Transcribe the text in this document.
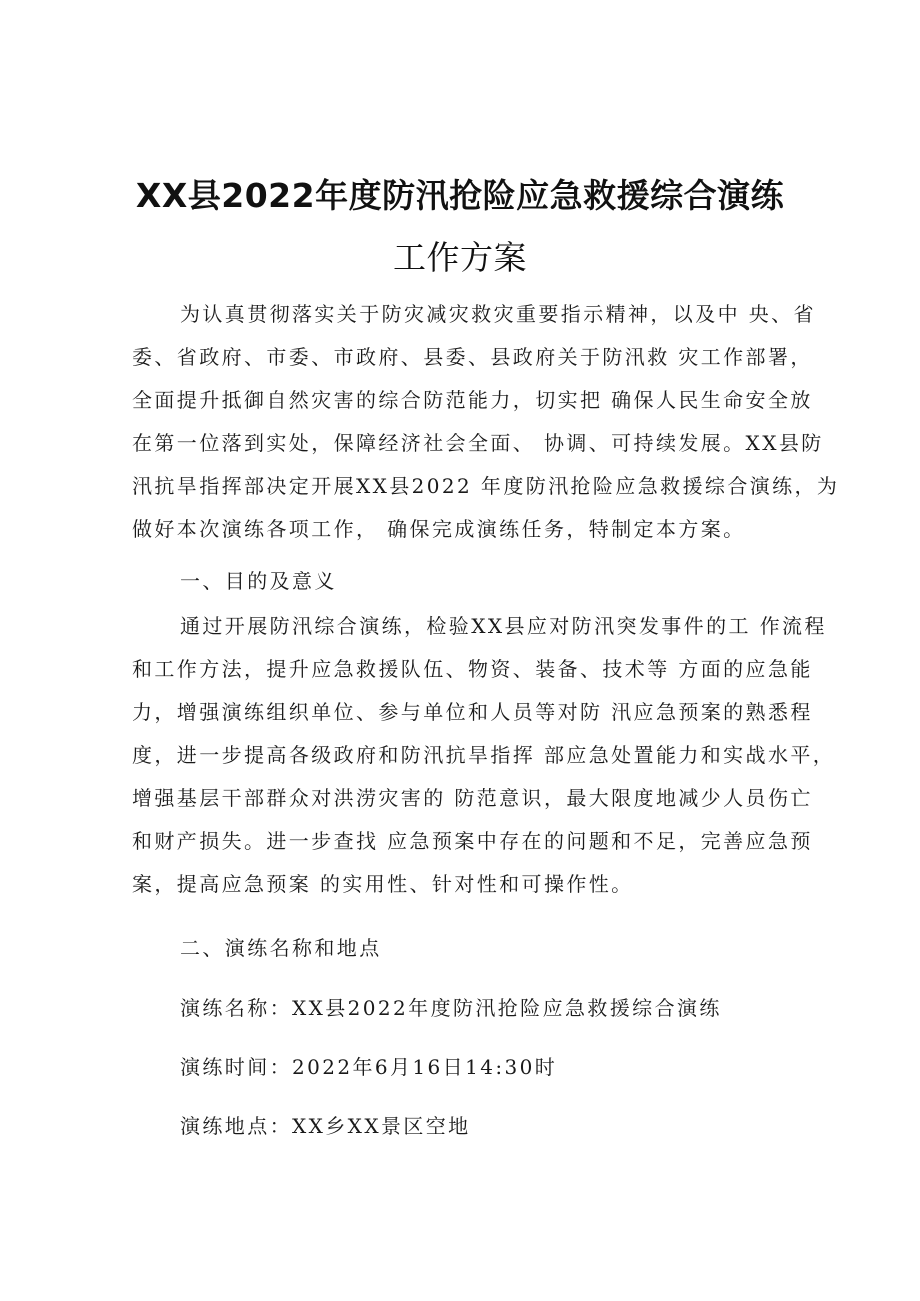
XX县2022年度防汛抢险应急救援综合演练
工作方案
为认真贯彻落实关于防灾减灾救灾重要指示精神，以及中 央、省
委、省政府、市委、市政府、县委、县政府关于防汛救 灾工作部署，
全面提升抵御自然灾害的综合防范能力，切实把 确保人民生命安全放
在第一位落到实处，保障经济社会全面、 协调、可持续发展。XX县防
汛抗旱指挥部决定开展XX县2022 年度防汛抢险应急救援综合演练，为
做好本次演练各项工作， 确保完成演练任务，特制定本方案。
一、目的及意义
通过开展防汛综合演练，检验XX县应对防汛突发事件的工 作流程
和工作方法，提升应急救援队伍、物资、装备、技术等 方面的应急能
力，增强演练组织单位、参与单位和人员等对防 汛应急预案的熟悉程
度，进一步提高各级政府和防汛抗旱指挥 部应急处置能力和实战水平，
增强基层干部群众对洪涝灾害的 防范意识，最大限度地减少人员伤亡
和财产损失。进一步查找 应急预案中存在的问题和不足，完善应急预
案，提高应急预案 的实用性、针对性和可操作性。
二、演练名称和地点
演练名称：XX县2022年度防汛抢险应急救援综合演练
演练时间：2022年6月16日14:30时
演练地点：XX乡XX景区空地
